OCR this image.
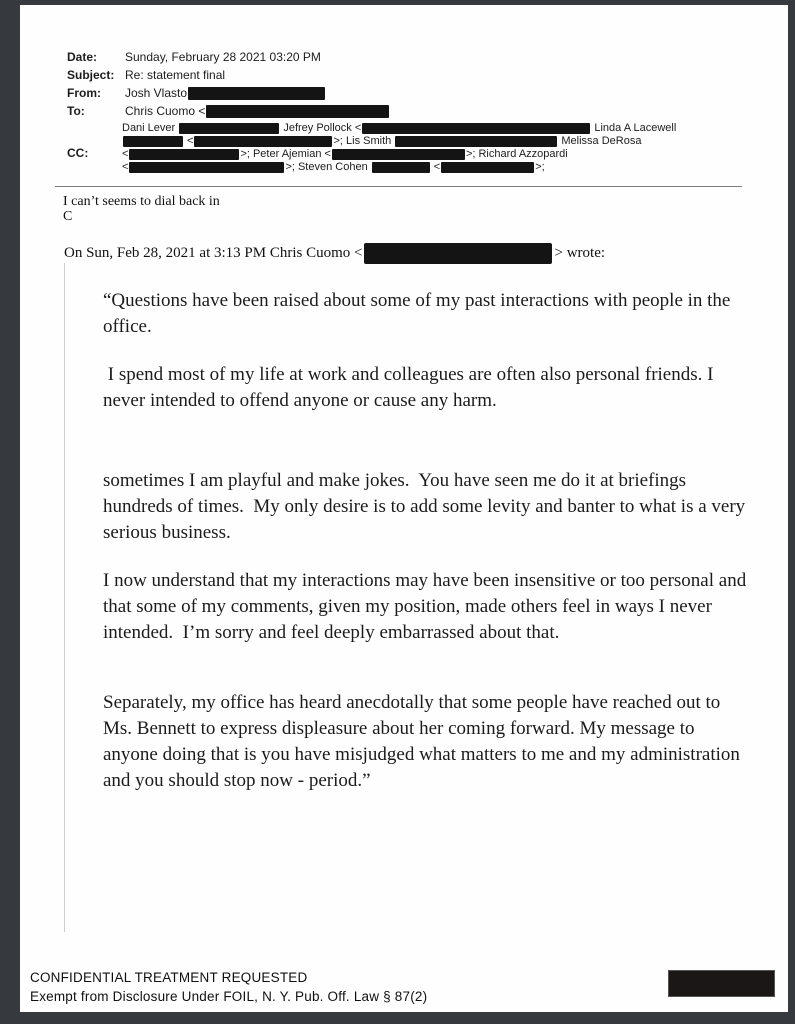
Date:	Sunday, February 28 2021 03:20 PM
Subject: Re: statement final
From:	Josh Vlasto
To:	Chris Cuomo <
CC:
Dani Lever	Jefrey Pollock <	Linda A Lacewell
<	>; Lis Smith	Melissa DeRosa
<	>; Peter Ajemian <	>; Richard Azzopardi
<	>; Steven Cohen	<	>;
I can’t seems to dial back in
C
On Sun, Feb 28, 2021 at 3:13 PM Chris Cuomo <	> wrote:

“Questions have been raised about some of my past interactions with people in the office.

I spend most of my life at work and colleagues are often also personal friends. I never intended to offend anyone or cause any harm.

sometimes I am playful and make jokes.  You have seen me do it at briefings hundreds of times.  My only desire is to add some levity and banter to what is a very serious business.

I now understand that my interactions may have been insensitive or too personal and that some of my comments, given my position, made others feel in ways I never intended.  I’m sorry and feel deeply embarrassed about that.

Separately, my office has heard anecdotally that some people have reached out to Ms. Bennett to express displeasure about her coming forward. My message to anyone doing that is you have misjudged what matters to me and my administration and you should stop now - period.”

CONFIDENTIAL TREATMENT REQUESTED
Exempt from Disclosure Under FOIL, N. Y. Pub. Off. Law § 87(2)
